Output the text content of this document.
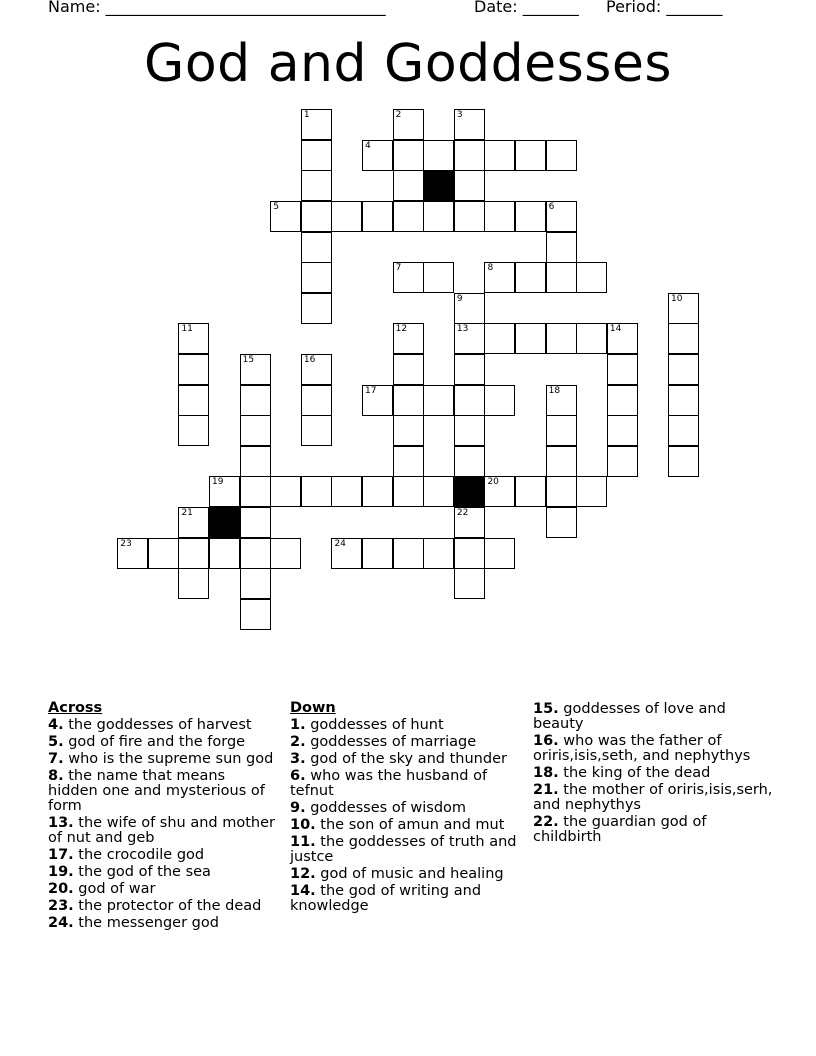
Name: ___________________________________	Date: _______ Period: _______
God and Goddesses
1	2	3
4
5	6
7	8
9	10
11	12	13	14
15	16
17	18
19	20
21	22
23	24
Across
4. the goddesses of harvest
5. god of fire and the forge
7. who is the supreme sun god
8. the name that means hidden one and mysterious of form
13. the wife of shu and mother of nut and geb
17. the crocodile god
19. the god of the sea
20. god of war
23. the protector of the dead
24. the messenger god
Down
1. goddesses of hunt
2. goddesses of marriage
3. god of the sky and thunder
6. who was the husband of tefnut
9. goddesses of wisdom
10. the son of amun and mut
11. the goddesses of truth and justce
12. god of music and healing
14. the god of writing and knowledge
15. goddesses of love and beauty
16. who was the father of oriris,isis,seth, and nephythys
18. the king of the dead
21. the mother of oriris,isis,serh, and nephythys
22. the guardian god of childbirth
